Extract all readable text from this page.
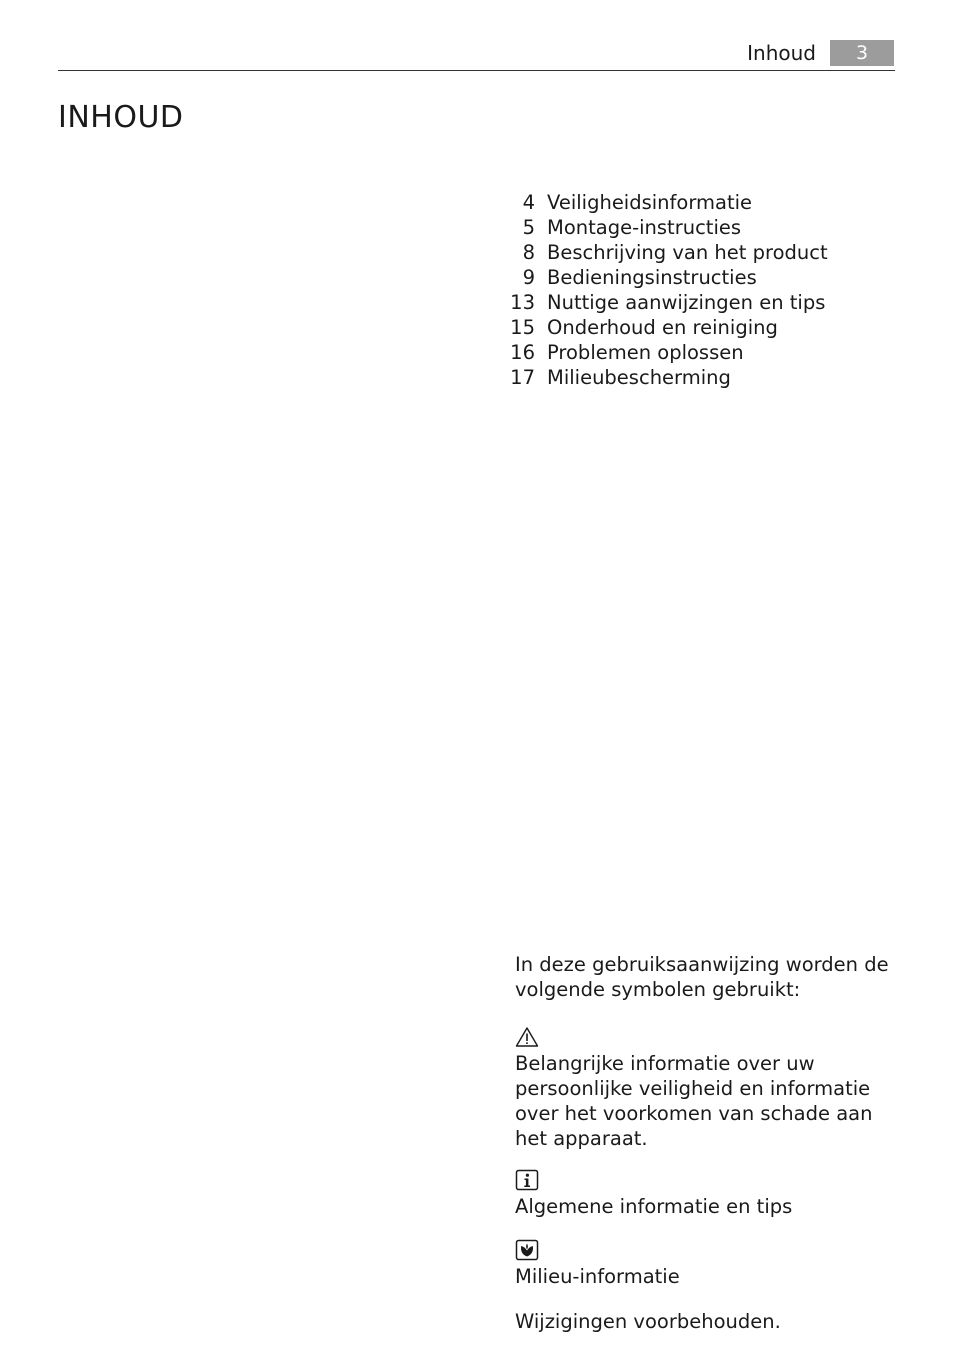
Inhoud	3
INHOUD
4 Veiligheidsinformatie
5 Montage-instructies
8 Beschrijving van het product
9 Bedieningsinstructies
13 Nuttige aanwijzingen en tips
15 Onderhoud en reiniging
16 Problemen oplossen
17 Milieubescherming

In deze gebruiksaanwijzing worden de volgende symbolen gebruikt:

Belangrijke informatie over uw persoonlijke veiligheid en informatie over het voorkomen van schade aan het apparaat.

Algemene informatie en tips

Milieu-informatie

Wijzigingen voorbehouden.
